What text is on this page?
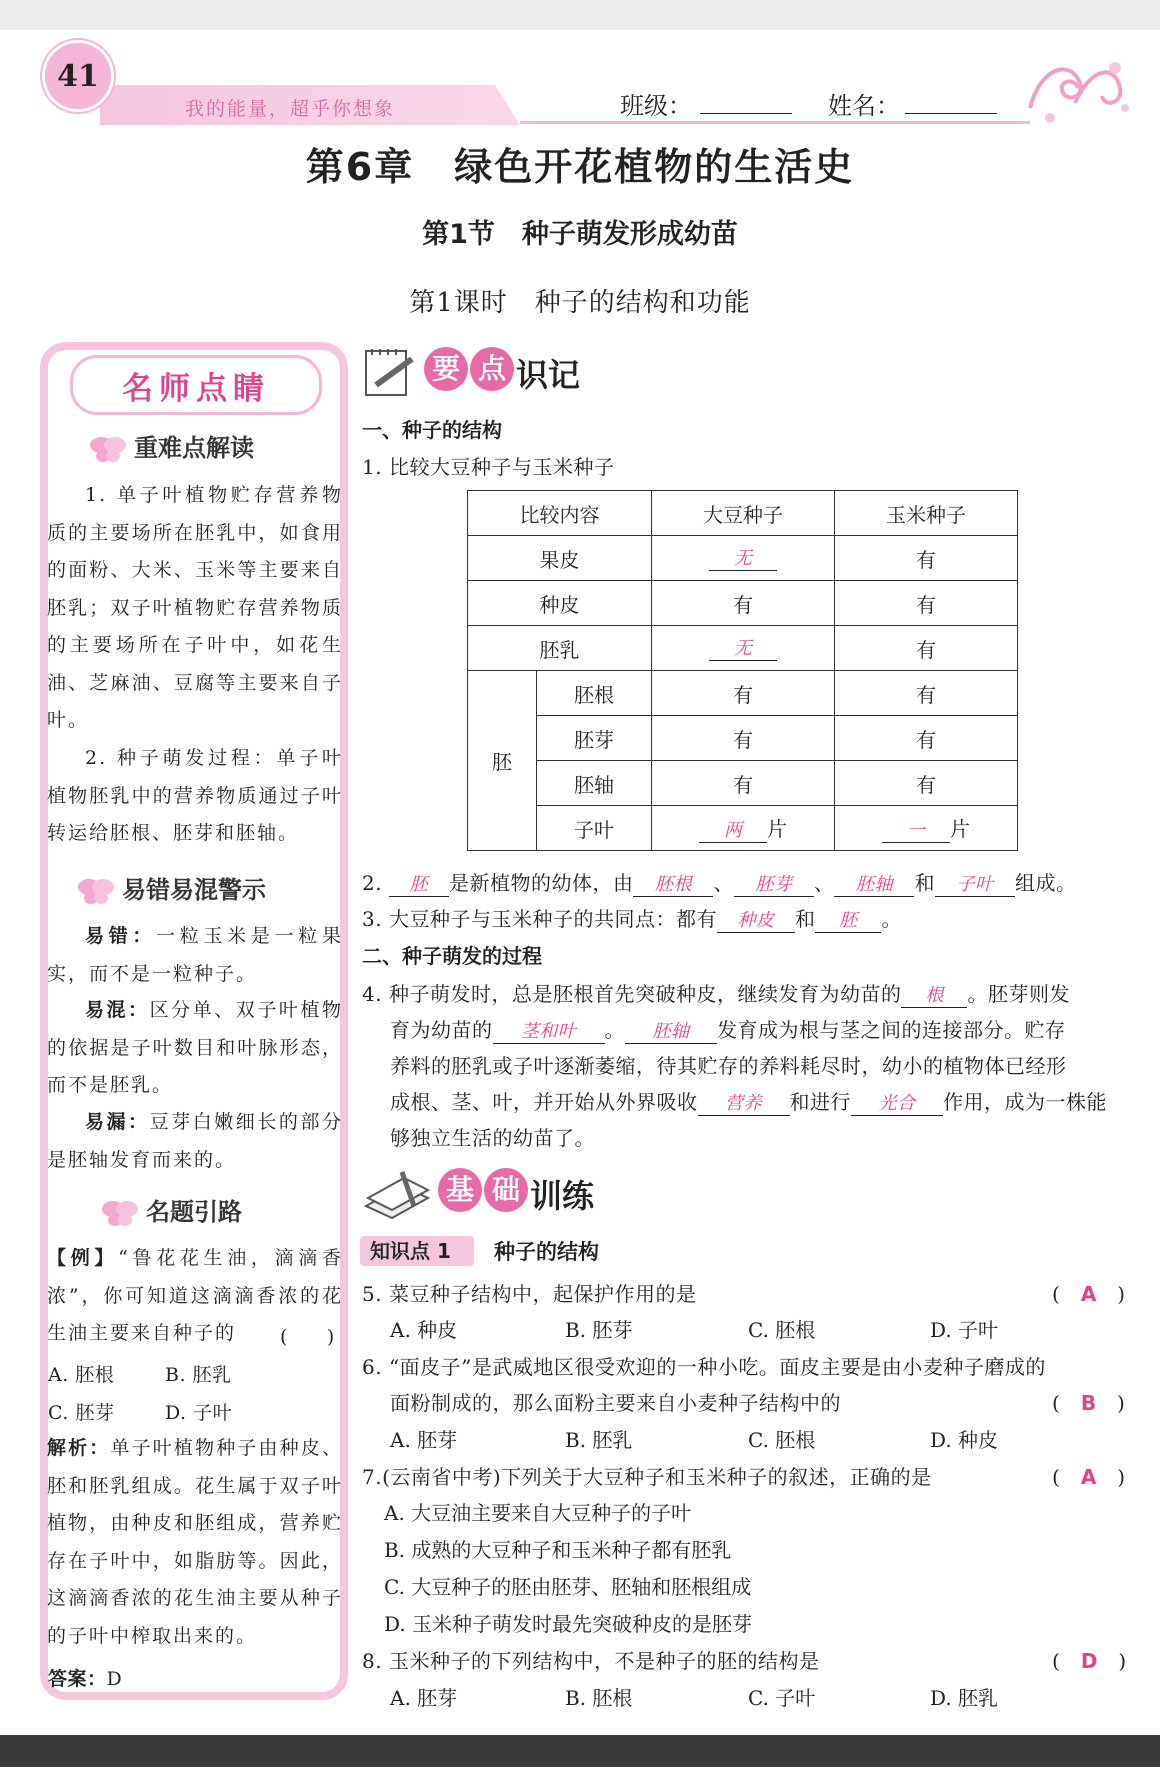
41
我的能量，超乎你想象	班级：	姓名：
第6章　绿色开花植物的生活史
第1节　种子萌发形成幼苗
第1课时　种子的结构和功能
名师点睛
重难点解读
1. 单子叶植物贮存营养物质的主要场所在胚乳中，如食用的面粉、大米、玉米等主要来自胚乳；双子叶植物贮存营养物质的主要场所在子叶中，如花生油、芝麻油、豆腐等主要来自子叶。
2. 种子萌发过程：单子叶植物胚乳中的营养物质通过子叶转运给胚根、胚芽和胚轴。
易错易混警示
易错：一粒玉米是一粒果实，而不是一粒种子。
易混：区分单、双子叶植物的依据是子叶数目和叶脉形态，而不是胚乳。
易漏：豆芽白嫩细长的部分是胚轴发育而来的。
名题引路
【例】“鲁花花生油，滴滴香浓”，你可知道这滴滴香浓的花生油主要来自种子的	(　　)
A. 胚根	B. 胚乳
C. 胚芽	D. 子叶
解析：单子叶植物种子由种皮、胚和胚乳组成。花生属于双子叶植物，由种皮和胚组成，营养贮存在子叶中，如脂肪等。因此，这滴滴香浓的花生油主要从种子的子叶中榨取出来的。
答案：D
要 点 识记
一、种子的结构
1. 比较大豆种子与玉米种子
比较内容		大豆种子	玉米种子
果皮		无	有
种皮		有	有
胚乳		无	有
胚	胚根	有	有
	胚芽	有	有
	胚轴	有	有
	子叶	两 片	一 片
2. 胚 是新植物的幼体，由 胚根 、 胚芽 、 胚轴 和 子叶 组成。
3. 大豆种子与玉米种子的共同点：都有 种皮 和 胚 。
二、种子萌发的过程
4. 种子萌发时，总是胚根首先突破种皮，继续发育为幼苗的 根 。胚芽则发
育为幼苗的 茎和叶 。 胚轴 发育成为根与茎之间的连接部分。贮存
养料的胚乳或子叶逐渐萎缩，待其贮存的养料耗尽时，幼小的植物体已经形
成根、茎、叶，并开始从外界吸收 营养 和进行 光合 作用，成为一株能
够独立生活的幼苗了。
基 础 训练
知识点 1	种子的结构
5. 菜豆种子结构中，起保护作用的是	(　A　)
A. 种皮	B. 胚芽	C. 胚根	D. 子叶
6. “面皮子”是武威地区很受欢迎的一种小吃。面皮主要是由小麦种子磨成的
面粉制成的，那么面粉主要来自小麦种子结构中的	(　B　)
A. 胚芽	B. 胚乳	C. 胚根	D. 种皮
7.(云南省中考)下列关于大豆种子和玉米种子的叙述，正确的是	(　A　)
A. 大豆油主要来自大豆种子的子叶
B. 成熟的大豆种子和玉米种子都有胚乳
C. 大豆种子的胚由胚芽、胚轴和胚根组成
D. 玉米种子萌发时最先突破种皮的是胚芽
8. 玉米种子的下列结构中，不是种子的胚的结构是	(　D　)
A. 胚芽	B. 胚根	C. 子叶	D. 胚乳
